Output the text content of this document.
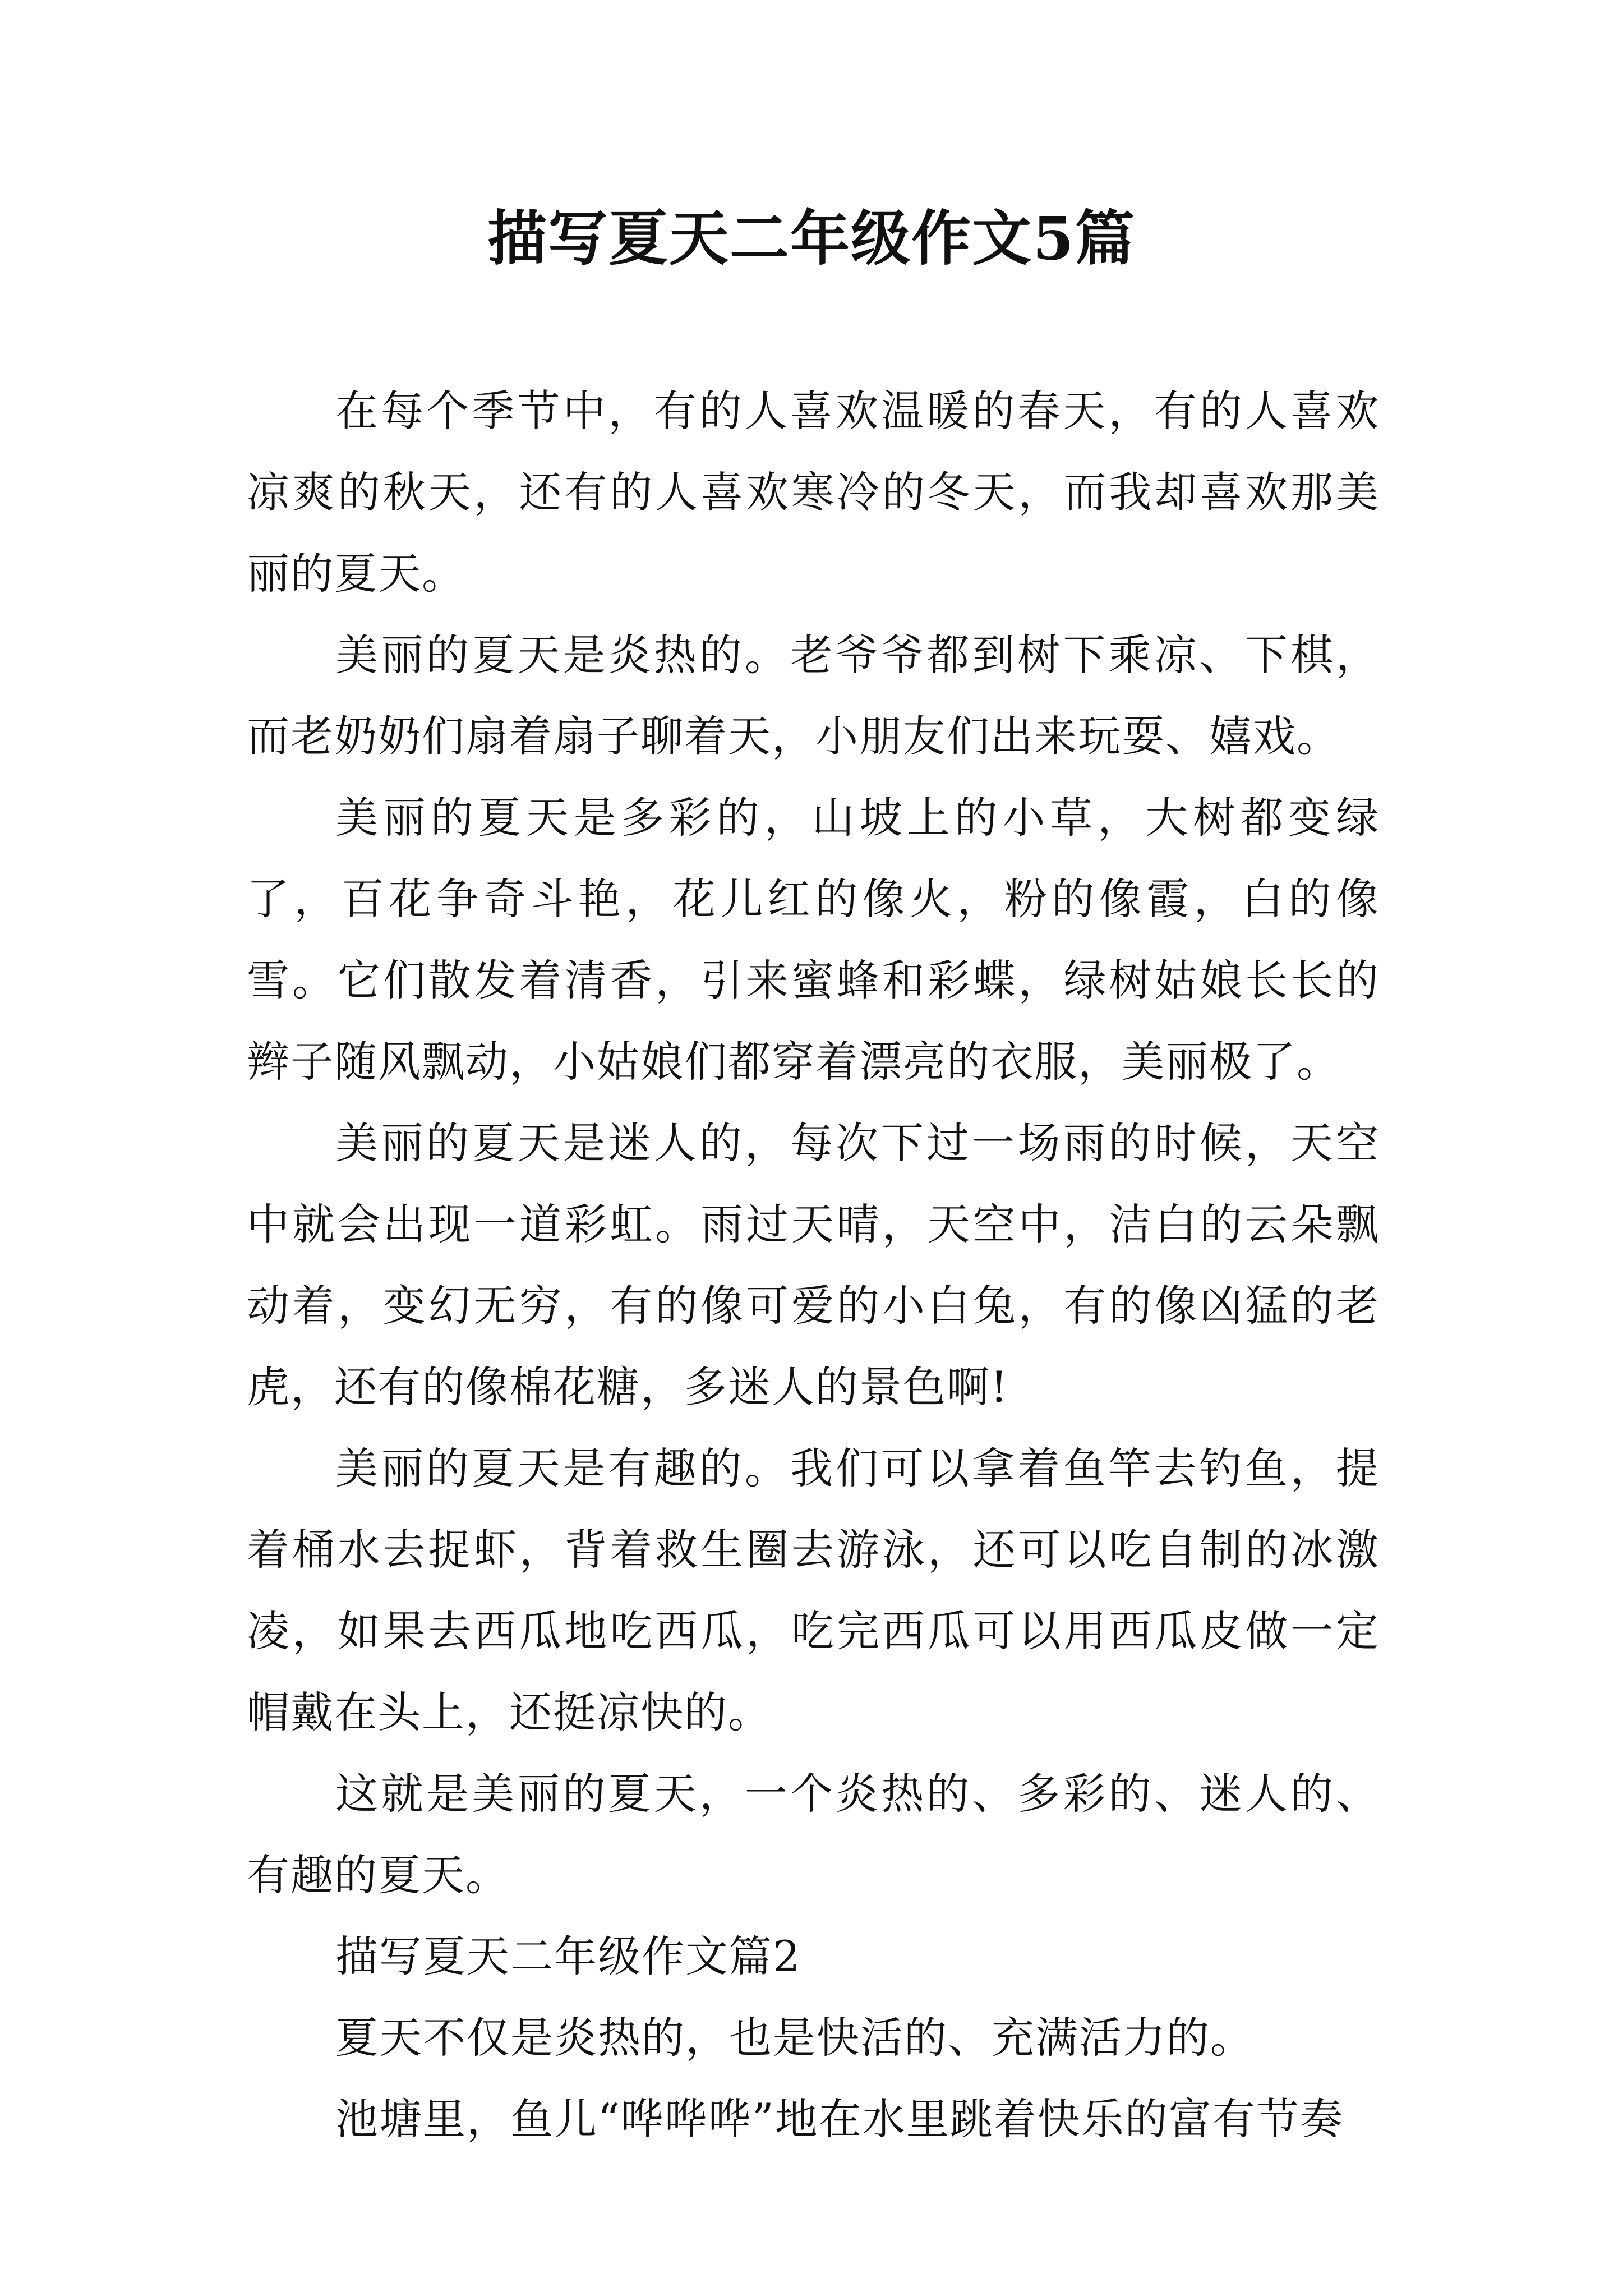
描写夏天二年级作文5篇

在每个季节中，有的人喜欢温暖的春天，有的人喜欢凉爽的秋天，还有的人喜欢寒冷的冬天，而我却喜欢那美丽的夏天。

美丽的夏天是炎热的。老爷爷都到树下乘凉、下棋，而老奶奶们扇着扇子聊着天，小朋友们出来玩耍、嬉戏。

美丽的夏天是多彩的，山坡上的小草，大树都变绿了，百花争奇斗艳，花儿红的像火，粉的像霞，白的像雪。它们散发着清香，引来蜜蜂和彩蝶，绿树姑娘长长的辫子随风飘动，小姑娘们都穿着漂亮的衣服，美丽极了。

美丽的夏天是迷人的，每次下过一场雨的时候，天空中就会出现一道彩虹。雨过天晴，天空中，洁白的云朵飘动着，变幻无穷，有的像可爱的小白兔，有的像凶猛的老虎，还有的像棉花糖，多迷人的景色啊!

美丽的夏天是有趣的。我们可以拿着鱼竿去钓鱼，提着桶水去捉虾，背着救生圈去游泳，还可以吃自制的冰激凌，如果去西瓜地吃西瓜，吃完西瓜可以用西瓜皮做一定帽戴在头上，还挺凉快的。

这就是美丽的夏天，一个炎热的、多彩的、迷人的、有趣的夏天。

描写夏天二年级作文篇2

夏天不仅是炎热的，也是快活的、充满活力的。

池塘里，鱼儿“哗哗哗”地在水里跳着快乐的富有节奏
